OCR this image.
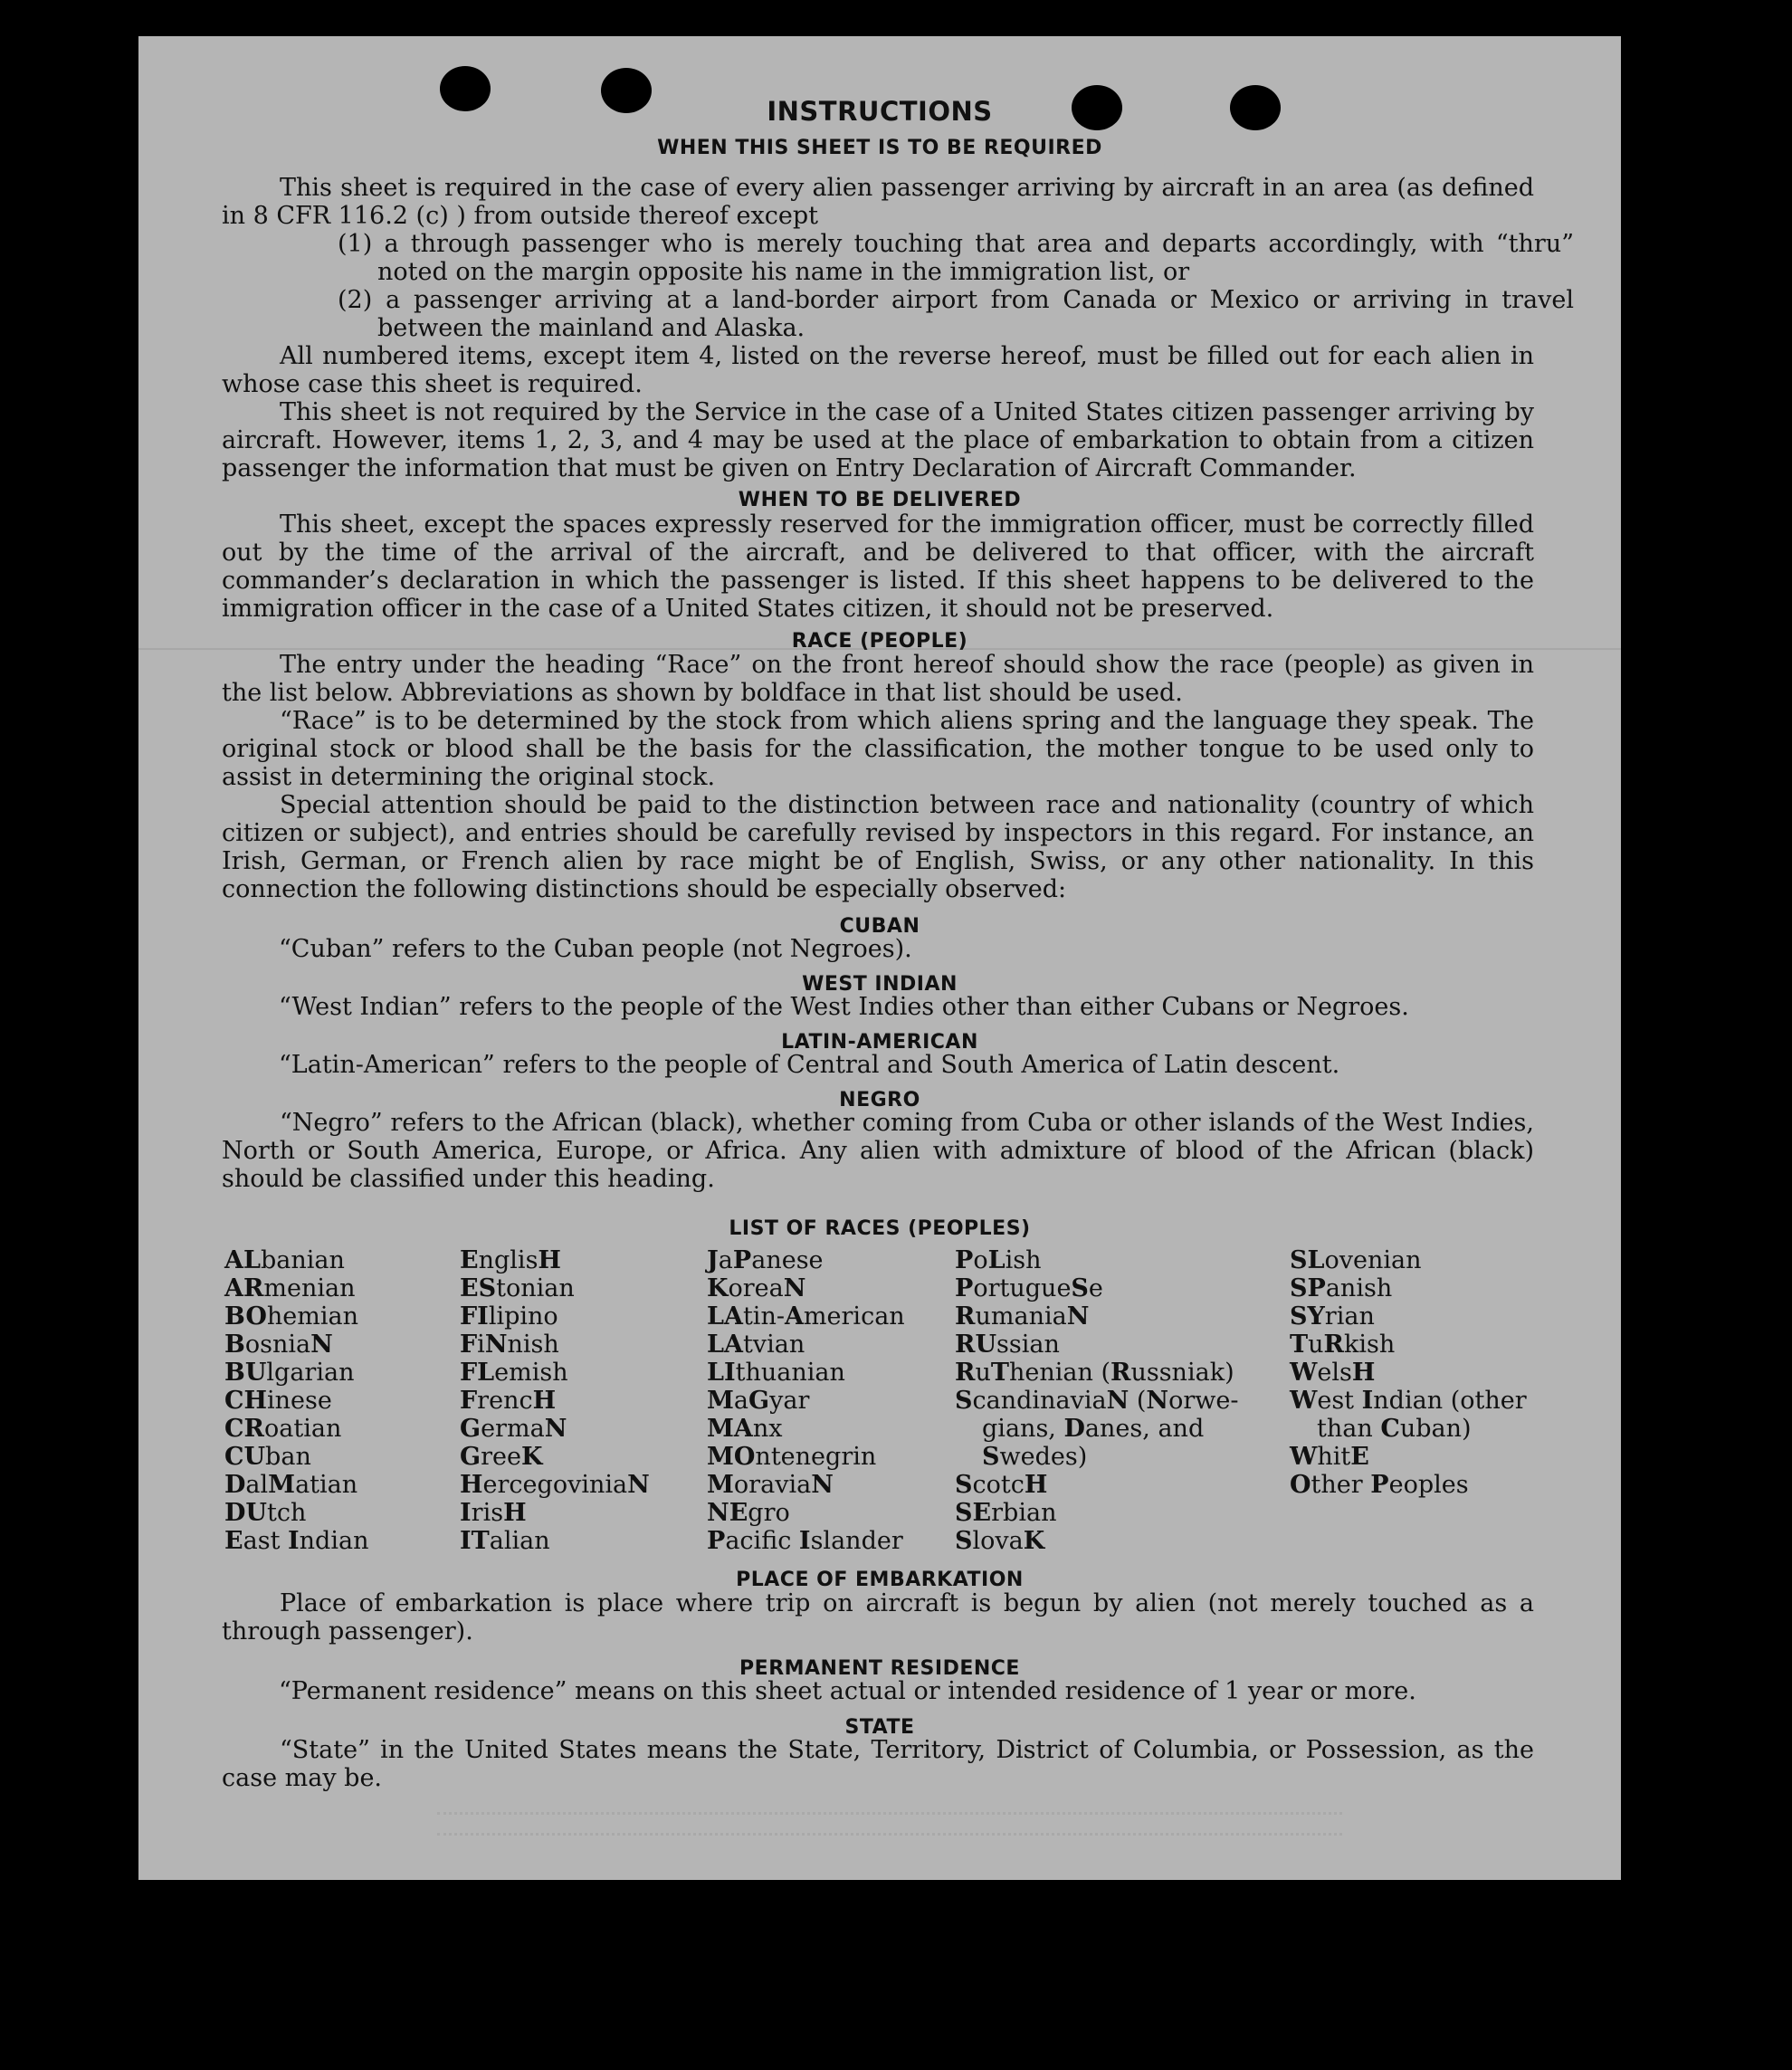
INSTRUCTIONS
WHEN THIS SHEET IS TO BE REQUIRED
This sheet is required in the case of every alien passenger arriving by aircraft in an area (as defined in 8 CFR 116.2 (c) ) from outside thereof except
(1) a through passenger who is merely touching that area and departs accordingly, with “thru” noted on the margin opposite his name in the immigration list, or
(2) a passenger arriving at a land-border airport from Canada or Mexico or arriving in travel between the mainland and Alaska.
All numbered items, except item 4, listed on the reverse hereof, must be filled out for each alien in whose case this sheet is required.
This sheet is not required by the Service in the case of a United States citizen passenger arriving by aircraft. However, items 1, 2, 3, and 4 may be used at the place of embarkation to obtain from a citizen passenger the information that must be given on Entry Declaration of Aircraft Commander.
WHEN TO BE DELIVERED
This sheet, except the spaces expressly reserved for the immigration officer, must be correctly filled out by the time of the arrival of the aircraft, and be delivered to that officer, with the aircraft commander’s declaration in which the passenger is listed. If this sheet happens to be delivered to the immigration officer in the case of a United States citizen, it should not be preserved.
RACE (PEOPLE)
The entry under the heading “Race” on the front hereof should show the race (people) as given in the list below. Abbreviations as shown by boldface in that list should be used.
“Race” is to be determined by the stock from which aliens spring and the language they speak. The original stock or blood shall be the basis for the classification, the mother tongue to be used only to assist in determining the original stock.
Special attention should be paid to the distinction between race and nationality (country of which citizen or subject), and entries should be carefully revised by inspectors in this regard. For instance, an Irish, German, or French alien by race might be of English, Swiss, or any other nationality. In this connection the following distinctions should be especially observed:
CUBAN
“Cuban” refers to the Cuban people (not Negroes).
WEST INDIAN
“West Indian” refers to the people of the West Indies other than either Cubans or Negroes.
LATIN-AMERICAN
“Latin-American” refers to the people of Central and South America of Latin descent.
NEGRO
“Negro” refers to the African (black), whether coming from Cuba or other islands of the West Indies, North or South America, Europe, or Africa. Any alien with admixture of blood of the African (black) should be classified under this heading.
LIST OF RACES (PEOPLES)
ALbanian
ARmenian
BOhemian
BosniaN
BUlgarian
CHinese
CRoatian
CUban
DalMatian
DUtch
East Indian
EnglisH
EStonian
FIlipino
FiNnish
FLemish
FrencH
GermaN
GreeK
HercegoviniaN
IrisH
ITalian
JaPanese
KoreaN
LAtin-American
LAtvian
LIthuanian
MaGyar
MAnx
MOntenegrin
MoraviaN
NEgro
Pacifc Islander
PoLish
PortugueSe
RumaniaN
RUssian
RuThenian (Russniak)
ScandinaviaN (Norwe-
gians, Danes, and
Swedes)
ScotcH
SErbian
SlovaK
SLovenian
SPanish
SYrian
TuRkish
WelsH
West Indian (other
than Cuban)
WhitE
Other Peoples
PLACE OF EMBARKATION
Place of embarkation is place where trip on aircraft is begun by alien (not merely touched as a through passenger).
PERMANENT RESIDENCE
“Permanent residence” means on this sheet actual or intended residence of 1 year or more.
STATE
“State” in the United States means the State, Territory, District of Columbia, or Possession, as the case may be.
